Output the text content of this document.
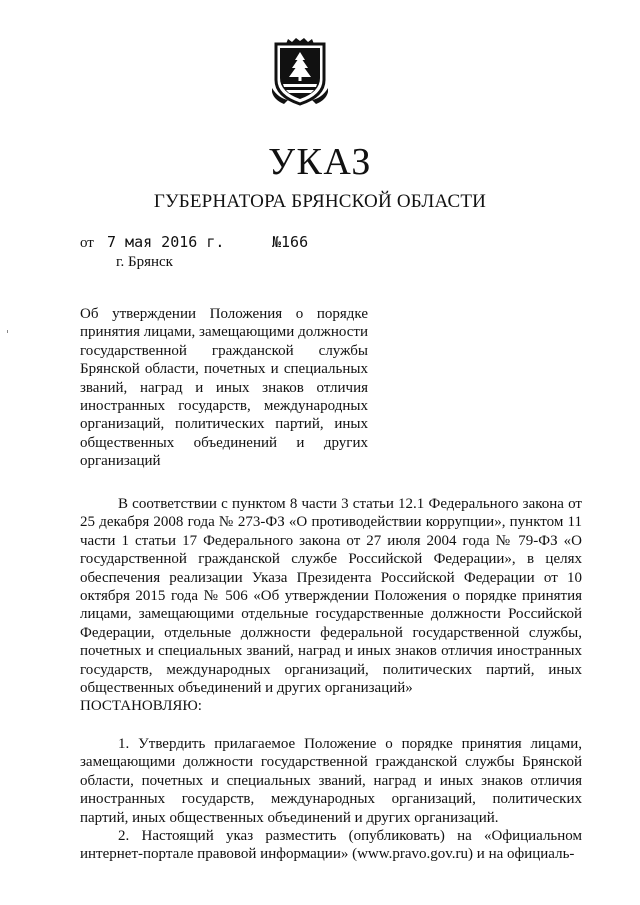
УКАЗ
ГУБЕРНАТОРА БРЯНСКОЙ ОБЛАСТИ
от 7 мая 2016 г.	№166
г. Брянск
Об утверждении Положения о порядке принятия лицами, замещающими должности государственной гражданской службы Брянской области, почетных и специальных званий, наград и иных знаков отличия иностранных государств, международных организаций, политических партий, иных общественных объединений и других организаций

В соответствии с пунктом 8 части 3 статьи 12.1 Федерального закона от 25 декабря 2008 года № 273-ФЗ «О противодействии коррупции», пунктом 11 части 1 статьи 17 Федерального закона от 27 июля 2004 года № 79-ФЗ «О государственной гражданской службе Российской Федерации», в целях обеспечения реализации Указа Президента Российской Федерации от 10 октября 2015 года № 506 «Об утверждении Положения о порядке принятия лицами, замещающими отдельные государственные должности Российской Федерации, отдельные должности федеральной государственной службы, почетных и специальных званий, наград и иных знаков отличия иностранных государств, международных организаций, политических партий, иных общественных объединений и других организаций»

ПОСТАНОВЛЯЮ:

1. Утвердить прилагаемое Положение о порядке принятия лицами, замещающими должности государственной гражданской службы Брянской области, почетных и специальных званий, наград и иных знаков отличия иностранных государств, международных организаций, политических партий, иных общественных объединений и других организаций.

2. Настоящий указ разместить (опубликовать) на «Официальном интернет-портале правовой информации» (www.pravo.gov.ru) и на официаль-
